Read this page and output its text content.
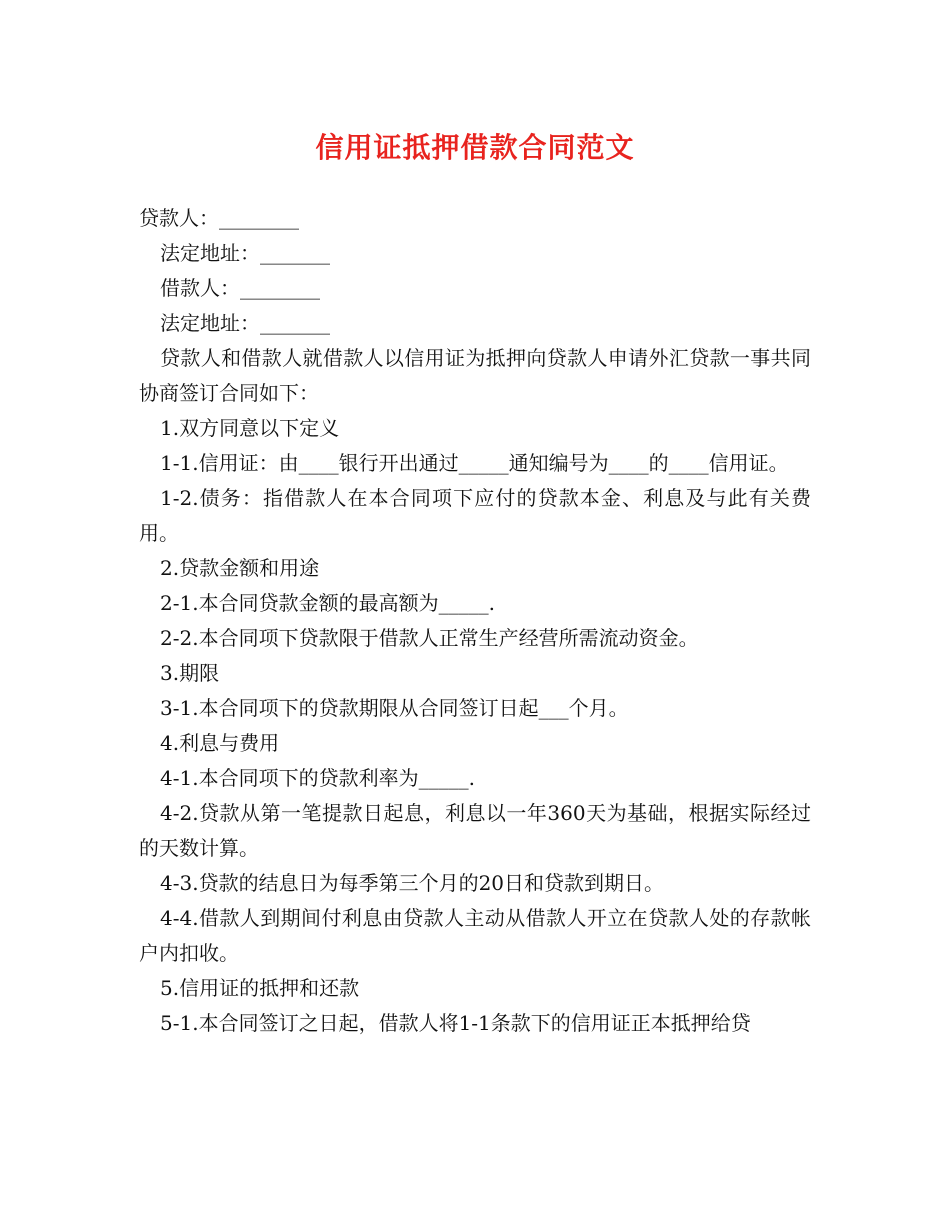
信用证抵押借款合同范文

贷款人：________

法定地址：_______

借款人：________

法定地址：_______

贷款人和借款人就借款人以信用证为抵押向贷款人申请外汇贷款一事共同协商签订合同如下：

1.双方同意以下定义

1-1.信用证：由____银行开出通过_____通知编号为____的____信用证。

1-2.债务：指借款人在本合同项下应付的贷款本金、利息及与此有关费用。

2.贷款金额和用途

2-1.本合同贷款金额的最高额为_____.

2-2.本合同项下贷款限于借款人正常生产经营所需流动资金。

3.期限

3-1.本合同项下的贷款期限从合同签订日起___个月。

4.利息与费用

4-1.本合同项下的贷款利率为_____.

4-2.贷款从第一笔提款日起息，利息以一年360天为基础，根据实际经过的天数计算。

4-3.贷款的结息日为每季第三个月的20日和贷款到期日。

4-4.借款人到期间付利息由贷款人主动从借款人开立在贷款人处的存款帐户内扣收。

5.信用证的抵押和还款

5-1.本合同签订之日起，借款人将1-1条款下的信用证正本抵押给贷
